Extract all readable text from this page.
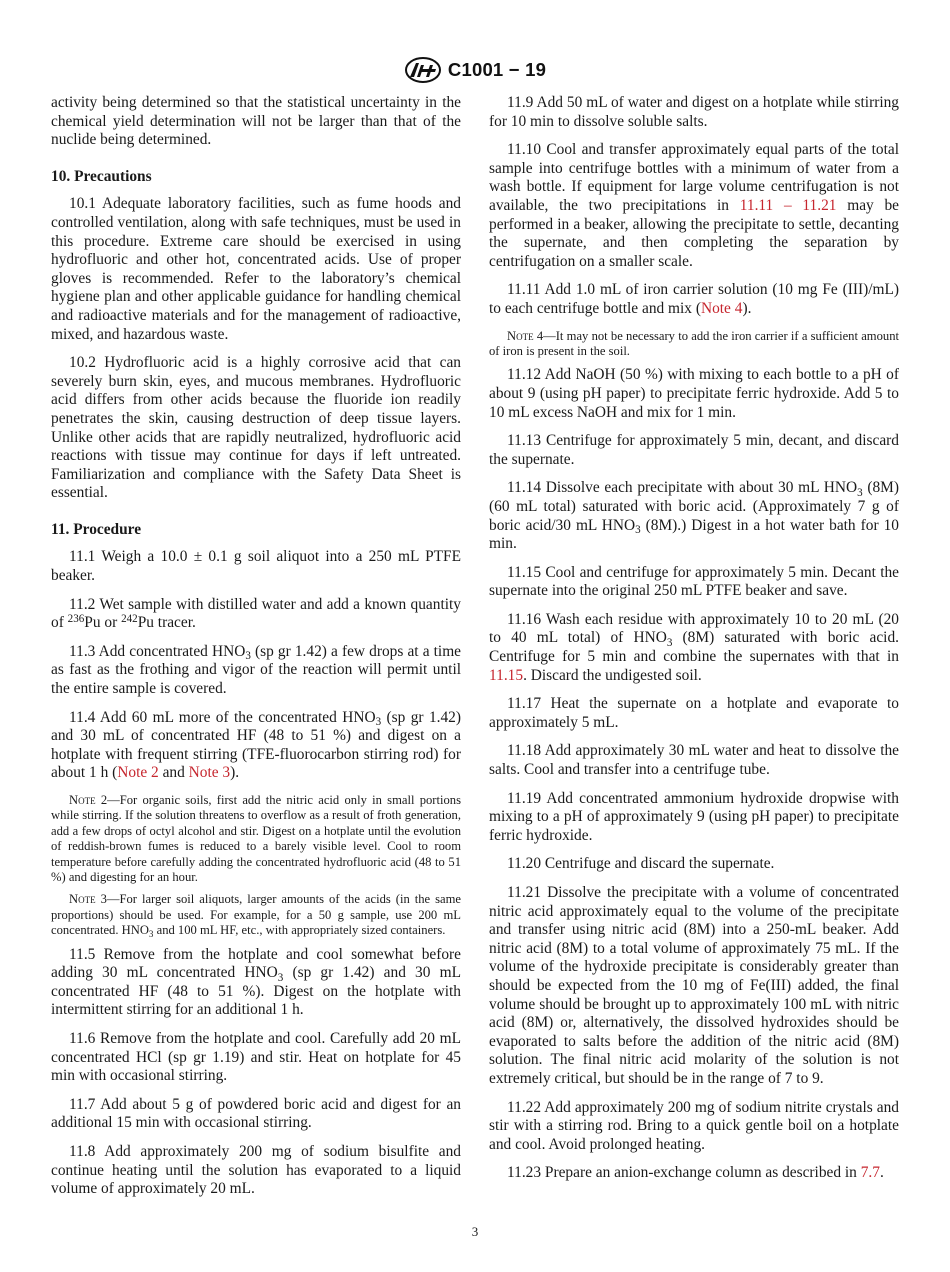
C1001 − 19

activity being determined so that the statistical uncertainty in the chemical yield determination will not be larger than that of the nuclide being determined.

10. Precautions

10.1 Adequate laboratory facilities, such as fume hoods and controlled ventilation, along with safe techniques, must be used in this procedure. Extreme care should be exercised in using hydrofluoric and other hot, concentrated acids. Use of proper gloves is recommended. Refer to the laboratory’s chemical hygiene plan and other applicable guidance for handling chemical and radioactive materials and for the management of radioactive, mixed, and hazardous waste.

10.2 Hydrofluoric acid is a highly corrosive acid that can severely burn skin, eyes, and mucous membranes. Hydrofluoric acid differs from other acids because the fluoride ion readily penetrates the skin, causing destruction of deep tissue layers. Unlike other acids that are rapidly neutralized, hydrofluoric acid reactions with tissue may continue for days if left untreated. Familiarization and compliance with the Safety Data Sheet is essential.

11. Procedure

11.1 Weigh a 10.0 ± 0.1 g soil aliquot into a 250 mL PTFE beaker.

11.2 Wet sample with distilled water and add a known quantity of $^{236}$Pu or $^{242}$Pu tracer.

11.3 Add concentrated $HNO_3$ (sp gr 1.42) a few drops at a time as fast as the frothing and vigor of the reaction will permit until the entire sample is covered.

11.4 Add 60 mL more of the concentrated $HNO_3$ (sp gr 1.42) and 30 mL of concentrated HF (48 to 51 %) and digest on a hotplate with frequent stirring (TFE-fluorocarbon stirring rod) for about 1 h (Note 2 and Note 3).

Note 2—For organic soils, first add the nitric acid only in small portions while stirring. If the solution threatens to overflow as a result of froth generation, add a few drops of octyl alcohol and stir. Digest on a hotplate until the evolution of reddish-brown fumes is reduced to a barely visible level. Cool to room temperature before carefully adding the concentrated hydrofluoric acid (48 to 51 %) and digesting for an hour.

Note 3—For larger soil aliquots, larger amounts of the acids (in the same proportions) should be used. For example, for a 50 g sample, use 200 mL concentrated. $HNO_3$ and 100 mL HF, etc., with appropriately sized containers.

11.5 Remove from the hotplate and cool somewhat before adding 30 mL concentrated $HNO_3$ (sp gr 1.42) and 30 mL concentrated HF (48 to 51 %). Digest on the hotplate with intermittent stirring for an additional 1 h.

11.6 Remove from the hotplate and cool. Carefully add 20 mL concentrated HCl (sp gr 1.19) and stir. Heat on hotplate for 45 min with occasional stirring.

11.7 Add about 5 g of powdered boric acid and digest for an additional 15 min with occasional stirring.

11.8 Add approximately 200 mg of sodium bisulfite and continue heating until the solution has evaporated to a liquid volume of approximately 20 mL.

11.9 Add 50 mL of water and digest on a hotplate while stirring for 10 min to dissolve soluble salts.

11.10 Cool and transfer approximately equal parts of the total sample into centrifuge bottles with a minimum of water from a wash bottle. If equipment for large volume centrifugation is not available, the two precipitations in 11.11 – 11.21 may be performed in a beaker, allowing the precipitate to settle, decanting the supernate, and then completing the separation by centrifugation on a smaller scale.

11.11 Add 1.0 mL of iron carrier solution (10 mg Fe (III)/mL) to each centrifuge bottle and mix (Note 4).

Note 4—It may not be necessary to add the iron carrier if a sufficient amount of iron is present in the soil.

11.12 Add NaOH (50 %) with mixing to each bottle to a pH of about 9 (using pH paper) to precipitate ferric hydroxide. Add 5 to 10 mL excess NaOH and mix for 1 min.

11.13 Centrifuge for approximately 5 min, decant, and discard the supernate.

11.14 Dissolve each precipitate with about 30 mL $HNO_3$ (8M) (60 mL total) saturated with boric acid. (Approximately 7 g of boric acid/30 mL $HNO_3$ (8M).) Digest in a hot water bath for 10 min.

11.15 Cool and centrifuge for approximately 5 min. Decant the supernate into the original 250 mL PTFE beaker and save.

11.16 Wash each residue with approximately 10 to 20 mL (20 to 40 mL total) of $HNO_3$ (8M) saturated with boric acid. Centrifuge for 5 min and combine the supernates with that in 11.15. Discard the undigested soil.

11.17 Heat the supernate on a hotplate and evaporate to approximately 5 mL.

11.18 Add approximately 30 mL water and heat to dissolve the salts. Cool and transfer into a centrifuge tube.

11.19 Add concentrated ammonium hydroxide dropwise with mixing to a pH of approximately 9 (using pH paper) to precipitate ferric hydroxide.

11.20 Centrifuge and discard the supernate.

11.21 Dissolve the precipitate with a volume of concentrated nitric acid approximately equal to the volume of the precipitate and transfer using nitric acid (8M) into a 250-mL beaker. Add nitric acid (8M) to a total volume of approximately 75 mL. If the volume of the hydroxide precipitate is considerably greater than should be expected from the 10 mg of Fe(III) added, the final volume should be brought up to approximately 100 mL with nitric acid (8M) or, alternatively, the dissolved hydroxides should be evaporated to salts before the addition of the nitric acid (8M) solution. The final nitric acid molarity of the solution is not extremely critical, but should be in the range of 7 to 9.

11.22 Add approximately 200 mg of sodium nitrite crystals and stir with a stirring rod. Bring to a quick gentle boil on a hotplate and cool. Avoid prolonged heating.

11.23 Prepare an anion-exchange column as described in 7.7.

3
